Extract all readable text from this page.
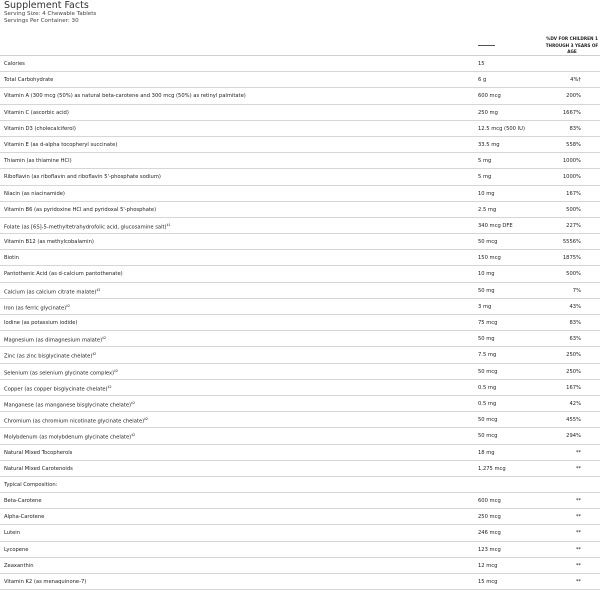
Supplement Facts
Serving Size: 4 Chewable Tablets
Servings Per Container: 30
%DV FOR CHILDREN 1 THROUGH 3 YEARS OF AGE
Calories	15
Total Carbohydrate	6 g	4%†
Vitamin A (300 mcg (50%) as natural beta-carotene and 300 mcg (50%) as retinyl palmitate)	600 mcg	200%
Vitamin C (ascorbic acid)	250 mg	1667%
Vitamin D3 (cholecalciferol)	12.5 mcg (500 IU)	83%
Vitamin E (as d-alpha tocopheryl succinate)	33.5 mg	558%
Thiamin (as thiamine HCl)	5 mg	1000%
Riboflavin (as riboflavin and riboflavin 5'-phosphate sodium)	5 mg	1000%
Niacin (as niacinamide)	10 mg	167%
Vitamin B6 (as pyridoxine HCl and pyridoxal 5'-phosphate)	2.5 mg	500%
Folate (as [6S]-5-methyltetrahydrofolic acid, glucosamine salt)$^{\ddagger 1}$	340 mcg DFE	227%
Vitamin B12 (as methylcobalamin)	50 mcg	5556%
Biotin	150 mcg	1875%
Pantothenic Acid (as d-calcium pantothenate)	10 mg	500%
Calcium (as calcium citrate malate)$^{\ddagger 2}$	50 mg	7%
Iron (as ferric glycinate)$^{\ddagger 2}$	3 mg	43%
Iodine (as potassium iodide)	75 mcg	83%
Magnesium (as dimagnesium malate)$^{\ddagger 2}$	50 mg	63%
Zinc (as zinc bisglycinate chelate)$^{\ddagger 2}$	7.5 mg	250%
Selenium (as selenium glycinate complex)$^{\ddagger 2}$	50 mcg	250%
Copper (as copper bisglycinate chelate)$^{\ddagger 2}$	0.5 mg	167%
Manganese (as manganese bisglycinate chelate)$^{\ddagger 2}$	0.5 mg	42%
Chromium (as chromium nicotinate glycinate chelate)$^{\ddagger 2}$	50 mcg	455%
Molybdenum (as molybdenum glycinate chelate)$^{\ddagger 2}$	50 mcg	294%
Natural Mixed Tocopherols	18 mg	**
Natural Mixed Carotenoids	1,275 mcg	**
Typical Composition:
Beta-Carotene	600 mcg	**
Alpha-Carotene	250 mcg	**
Lutein	246 mcg	**
Lycopene	123 mcg	**
Zeaxanthin	12 mcg	**
Vitamin K2 (as menaquinone-7)	15 mcg	**
